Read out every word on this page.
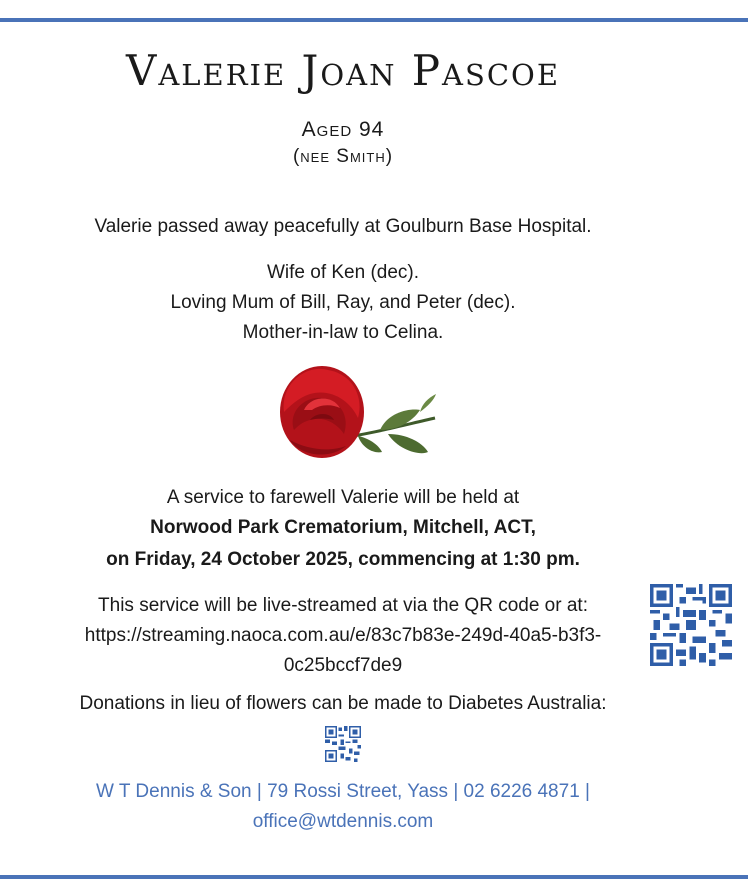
Valerie Joan Pascoe
Aged 94
(nee Smith)
Valerie passed away peacefully at Goulburn Base Hospital.
Wife of Ken (dec).
Loving Mum of Bill, Ray, and Peter (dec).
Mother-in-law to Celina.
A service to farewell Valerie will be held at
Norwood Park Crematorium, Mitchell, ACT,
on Friday, 24 October 2025, commencing at 1:30 pm.
This service will be live-streamed at via the QR code or at:
https://streaming.naoca.com.au/e/83c7b83e-249d-40a5-b3f3-
0c25bccf7de9
Donations in lieu of flowers can be made to Diabetes Australia:
W T Dennis & Son | 79 Rossi Street, Yass | 02 6226 4871 |
office@wtdennis.com
